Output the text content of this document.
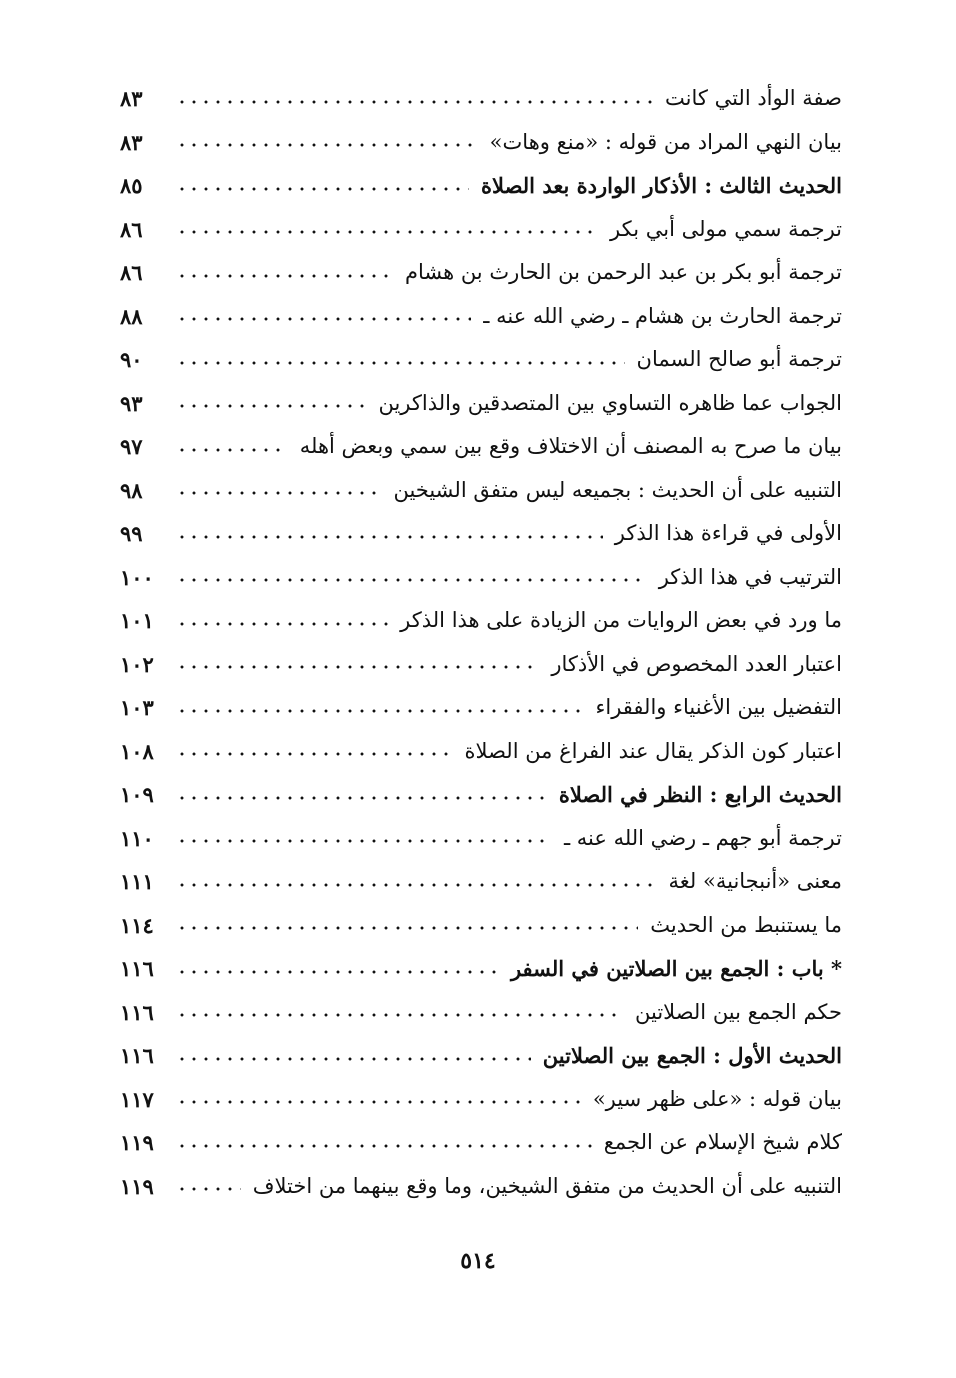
صفة الوأد التي كانت
٨٣
بيان النهي المراد من قوله : «منع وهات»
٨٣
الحديث الثالث : الأذكار الواردة بعد الصلاة
٨٥
ترجمة سمي مولى أبي بكر
٨٦
ترجمة أبو بكر بن عبد الرحمن بن الحارث بن هشام
٨٦
ترجمة الحارث بن هشام ـ رضي الله عنه ـ
٨٨
ترجمة أبو صالح السمان
٩٠
الجواب عما ظاهره التساوي بين المتصدقين والذاكرين
٩٣
بيان ما صرح به المصنف أن الاختلاف وقع بين سمي وبعض أهله
٩٧
التنبيه على أن الحديث : بجميعه ليس متفق الشيخين
٩٨
الأولى في قراءة هذا الذكر
٩٩
الترتيب في هذا الذكر
١٠٠
ما ورد في بعض الروايات من الزيادة على هذا الذكر
١٠١
اعتبار العدد المخصوص في الأذكار
١٠٢
التفضيل بين الأغنياء والفقراء
١٠٣
اعتبار كون الذكر يقال عند الفراغ من الصلاة
١٠٨
الحديث الرابع : النظر في الصلاة
١٠٩
ترجمة أبو جهم ـ رضي الله عنه ـ
١١٠
معنى «أنبجانية» لغة
١١١
ما يستنبط من الحديث
١١٤
* باب : الجمع بين الصلاتين في السفر
١١٦
حكم الجمع بين الصلاتين
١١٦
الحديث الأول : الجمع بين الصلاتين
١١٦
بيان قوله : «على ظهر سير»
١١٧
كلام شيخ الإسلام عن الجمع
١١٩
التنبيه على أن الحديث من متفق الشيخين، وما وقع بينهما من اختلاف
١١٩
٥١٤
